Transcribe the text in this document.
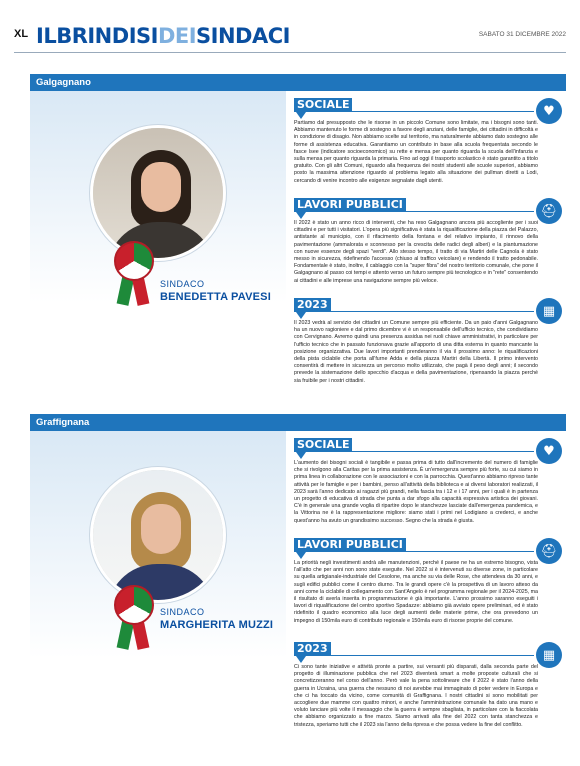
XL ILBRINDISIDEISINDACI	SABATO 31 DICEMBRE 2022
Galgagnano
SINDACO
BENEDETTA PAVESI
SOCIALE	♥

Partiamo dal presupposto che le risorse in un piccolo Comune sono limitate, ma i bisogni sono tanti. Abbiamo mantenuto le forme di sostegno a favore degli anziani, delle famiglie, dei cittadini in difficoltà e in condizione di disagio. Non abbiamo scelte sul territorio, ma naturalmente abbiamo dato sostegno alle forme di assistenza educativa. Garantiamo un contributo in base alla scuola frequentata secondo le fasce Isee (indicatore socioeconomico) su rette e mensa per quanto riguarda la scuola dell'infanzia e sulla mensa per quanto riguarda la primaria. Fino ad oggi il trasporto scolastico è stato garantito a titolo gratuito. Con gli altri Comuni, riguardo alla frequenza dei nostri studenti alle scuole superiori, abbiamo posto la massima attenzione riguardo al problema legato alla situazione dei pullman diretti a Lodi, cercando di venire incontro alle esigenze segnalate dagli utenti.

LAVORI PUBBLICI	⛑

Il 2022 è stato un anno ricco di interventi, che ha reso Galgagnano ancora più accogliente per i suoi cittadini e per tutti i visitatori. L'opera più significativa è stata la riqualificazione della piazza del Palazzo, antistante al municipio, con il rifacimento della fontana e del relativo impianto, il rinnovo della pavimentazione (ammalorata e sconnesso per la crescita delle radici degli alberi) e la piantumazione con nuove essenze degli spazi "verdi". Allo stesso tempo, il tratto di via Martiri delle Cagnola è stato messo in sicurezza, ridefinendo l'accesso (chiuso al traffico veicolare) e rendendo il tratto pedonabile. Fondamentale è stato, inoltre, il cablaggio con la "super fibra" del nostro territorio comunale, che pone il Galgagnano al passo coi tempi e attento verso un futuro sempre più tecnologico e in "rete" consentendo ai cittadini e alle imprese una navigazione sempre più veloce.

2023	▦

Il 2023 vedrà al servizio dei cittadini un Comune sempre più efficiente. Da un paio d'anni Galgagnano ha un nuovo ragioniere e dal primo dicembre vi è un responsabile dell'ufficio tecnico, che condividiamo con Cervignano. Avremo quindi una presenza assidua nei ruoli chiave amministrativi, in particolare per l'ufficio tecnico che in passato funzionava grazie all'apporto di una ditta esterna in quanto mancante la posizione organizzativa. Due lavori importanti prenderanno il via il prossimo anno: le riqualificazioni della pista ciclabile che porta all'furne Adda e della piazza Martiri della Libertà. Il primo intervento consentirà di mettere in sicurezza un percorso molto utilizzato, che pagà il peso degli anni; il secondo prevede la sistemazione dello specchio d'acqua e della pavimentazione, ripensando la piazza perché sia fruibile per i nostri cittadini.

Graffignana
SINDACO
MARGHERITA MUZZI
SOCIALE	♥

L'aumento dei bisogni sociali è tangibile e passa prima di tutto dall'incremento del numero di famiglie che si rivolgono alla Caritas per la prima assistenza. È un'emergenza sempre più forte, su cui siamo in prima linea in collaborazione con le associazioni e con la parrocchia. Quest'anno abbiamo ripreso tante attività per le famiglie e per i bambini, penso all'attività della biblioteca e ai diversi laboratori realizzati, il 2023 sarà l'anno dedicato ai ragazzi più grandi, nella fascia tra i 12 e i 17 anni, per i quali è in partenza un progetto di educativa di strada che punta a dar sfogo alla capacità espressiva artistica dei giovani. C'è in generale una grande voglia di ripartire dopo le stanchezze lasciate dall'emergenza pandemica, e la Vittorina ne è la rappresentazione migliore: siamo stati i primi nel Lodigiano a crederci, e anche quest'anno ha avuto un grandissimo successo. Segno che la strada è giusta.

LAVORI PUBBLICI	⛑

La priorità negli investimenti andrà alle manutenzioni, perché il paese ne ha un estremo bisogno, vista l'all'atto che per anni non sono state eseguite. Nel 2022 si è intervenuti su diverse zone, in particolare su quella artigianale-industriale del Cesolone, ma anche su via delle Rose, che attendeva da 30 anni, e sugli edifici pubblici come il centro diurno. Tra le grandi opere c'è la prospettiva di un lavoro atteso da anni come la ciclabile di collegamento con Sant'Angelo è nel programma regionale per il 2024-2025, ma il risultato di averla inserita in programmazione è già importante. L'anno prossimo saranno eseguiti i lavori di riqualificazione del centro sportivo Spadazze: abbiamo già avviato opere preliminari, ed è stato ridefinito il quadro economico alla luce degli aumenti delle materie prime, che ora prevedono un impegno di 150mila euro di contributo regionale e 150mila euro di risorse proprie del comune.

2023	▦

Ci sono tante iniziative e attività pronte a partire, sui versanti più disparati, dalla seconda parte del progetto di illuminazione pubblica che nel 2023 diventerà smart a molte proposte culturali che si concretizzeranno nel corso dell'anno. Però vale la pena sottolineare che il 2022 è stato l'anno della guerra in Ucraina, una guerra che nessuno di noi avrebbe mai immaginato di poter vedere in Europa e che ci ha toccato da vicino, come comunità di Graffignana. I nostri cittadini si sono mobilitati per accogliere due mamme con quattro minori, e anche l'amministrazione comunale ha dato una mano e voluto lanciare più volte il messaggio che la guerra è sempre sbagliata, in particolare con la fiaccolata che abbiamo organizzato a fine marzo. Siamo arrivati alla fine del 2022 con tanta stanchezza e tristezza, speriamo tutti che il 2023 sia l'anno della ripresa e che possa vedere la fine del conflitto.
